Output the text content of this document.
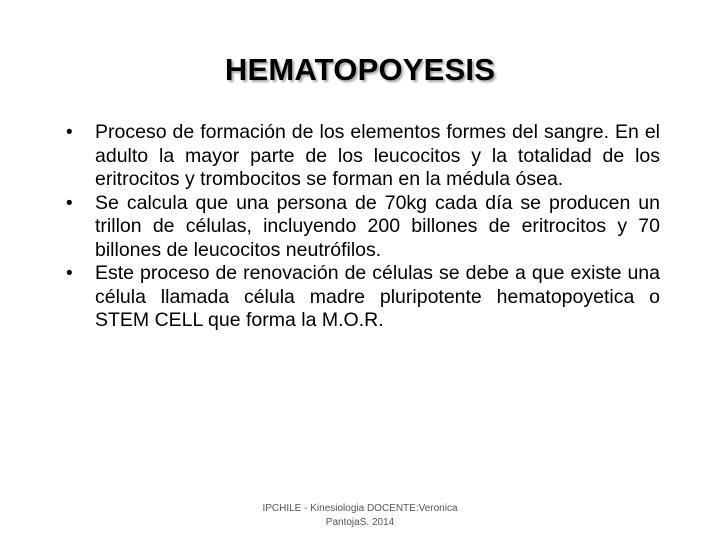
HEMATOPOYESIS
• Proceso de formación de los elementos formes del sangre. En el adulto la mayor parte de los leucocitos y la totalidad de los eritrocitos y trombocitos se forman en la médula ósea.
• Se calcula que una persona de 70kg cada día se producen un trillon de células, incluyendo 200 billones de eritrocitos y 70 billones de leucocitos neutrófilos.
• Este proceso de renovación de células se debe a que existe una célula llamada célula madre pluripotente hematopoyetica o STEM CELL que forma la M.O.R.
IPCHILE - Kinesiologia DOCENTE:Veronica
PantojaS. 2014
